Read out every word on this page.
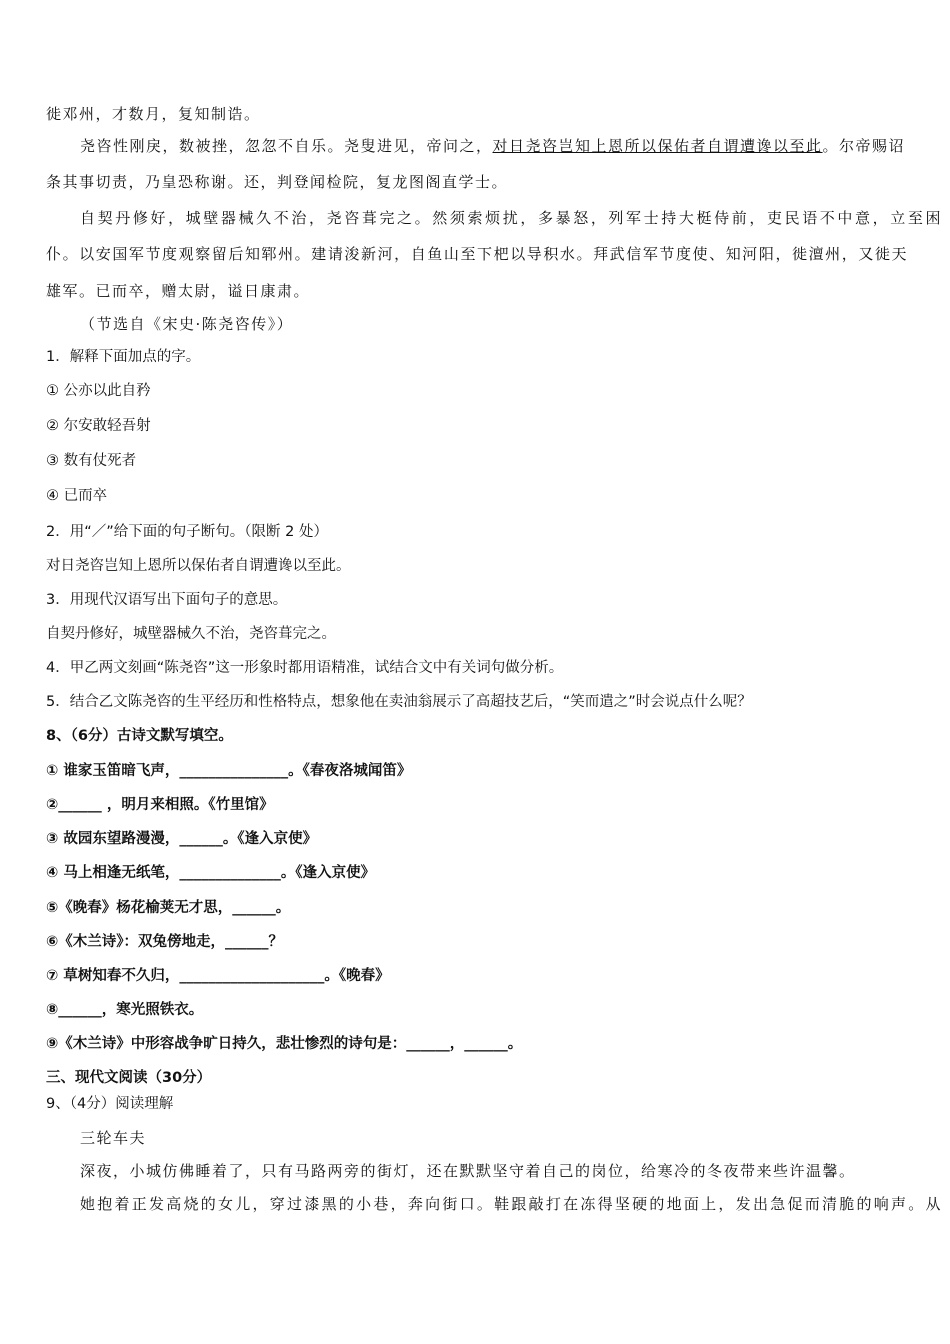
徙邓州，才数月，复知制诰。
尧咨性刚戾，数被挫，忽忽不自乐。尧叟进见，帝问之，对日尧咨岂知上恩所以保佑者自谓遭谗以至此。尔帝赐诏
条其事切责，乃皇恐称谢。还，判登闻检院，复龙图阁直学士。
自契丹修好，城壁器械久不治，尧咨葺完之。然须索烦扰，多暴怒，列军士持大梃侍前，吏民语不中意，立至困
仆。以安国军节度观察留后知郓州。建请浚新河，自鱼山至下杷以导积水。拜武信军节度使、知河阳，徙澶州，又徙天
雄军。已而卒，赠太尉，谥日康肃。
（节选自《宋史·陈尧咨传》）
1．解释下面加点的字。
① 公亦以此自矜
② 尔安敢轻吾射
③ 数有仗死者
④ 已而卒
2．用“／”给下面的句子断句。（限断 2 处）
对日尧咨岂知上恩所以保佑者自谓遭谗以至此。
3．用现代汉语写出下面句子的意思。
自契丹修好，城壁器械久不治，尧咨葺完之。
4．甲乙两文刻画“陈尧咨”这一形象时都用语精准，试结合文中有关词句做分析。
5．结合乙文陈尧咨的生平经历和性格特点，想象他在卖油翁展示了高超技艺后，“笑而遣之”时会说点什么呢？
8、（6分）古诗文默写填空。
① 谁家玉笛暗飞声，_______________。《春夜洛城闻笛》
②______ ，明月来相照。《竹里馆》
③ 故园东望路漫漫，______。《逢入京使》
④ 马上相逢无纸笔，______________。《逢入京使》
⑤《晚春》杨花榆荚无才思，______。
⑥《木兰诗》：双兔傍地走，______？
⑦ 草树知春不久归，____________________。《晚春》
⑧______，寒光照铁衣。
⑨《木兰诗》中形容战争旷日持久，悲壮惨烈的诗句是：______，______。
三、现代文阅读（30分）
9、（4分）阅读理解
三轮车夫
深夜，小城仿佛睡着了，只有马路两旁的街灯，还在默默坚守着自己的岗位，给寒冷的冬夜带来些许温馨。
她抱着正发高烧的女儿，穿过漆黑的小巷，奔向街口。鞋跟敲打在冻得坚硬的地面上，发出急促而清脆的响声。从
